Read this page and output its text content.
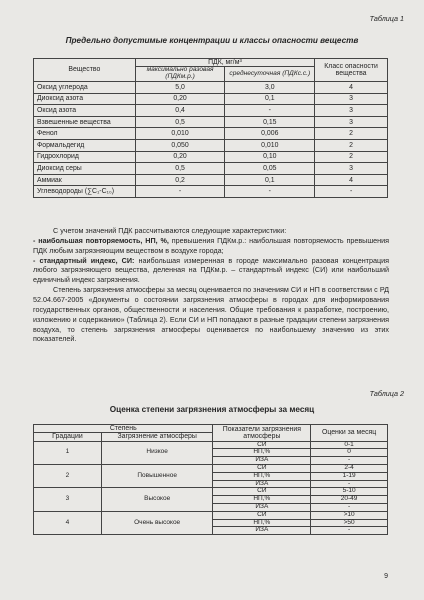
Таблица 1
Предельно допустимые концентрации и классы опасности веществ
Вещество	ПДК, мг/м³		Класс опасности вещества
	максимально разовая (ПДКм.р.)	среднесуточная (ПДКс.с.)	
Оксид углерода	5,0	3,0	4
Диоксид азота	0,20	0,1	3
Оксид азота	0,4	-	3
Взвешенные вещества	0,5	0,15	3
Фенол	0,010	0,006	2
Формальдегид	0,050	0,010	2
Гидрохлорид	0,20	0,10	2
Диоксид серы	0,5	0,05	3
Аммиак	0,2	0,1	4
Углеводороды (∑C₁-C₁₀)	-	-	-

С учетом значений ПДК рассчитываются следующие характеристики:

- наибольшая повторяемость, НП, %, превышения ПДКм.р.: наибольшая повторяемость превышения ПДК любым загрязняющим веществом в воздухе города;

- стандартный индекс, СИ: наибольшая измеренная в городе максимально разовая концентрация любого загрязняющего вещества, деленная на ПДКм.р. – стандартный индекс (СИ) или наибольший единичный индекс загрязнения.

Степень загрязнения атмосферы за месяц оценивается по значениям СИ и НП в соответствии с РД 52.04.667-2005 «Документы о состоянии загрязнения атмосферы в городах для информирования государственных органов, общественности и населения. Общие требования к разработке, построению, изложению и содержанию» (Таблица 2). Если СИ и НП попадают в разные градации степени загрязнения воздуха, то степень загрязнения атмосферы оценивается по наибольшему значению из этих показателей.

Таблица 2
Оценка степени загрязнения атмосферы за месяц
Степень		Показатели загрязнения атмосферы	Оценки за месяц
Градации	Загрязнение атмосферы		
1	Низкое	СИ	0-1
		НП,%	0
		ИЗА	-
2	Повышенное	СИ	2-4
		НП,%	1-19
		ИЗА	-
3	Высокое	СИ	5-10
		НП,%	20-49
		ИЗА	-
4	Очень высокое	СИ	>10
		НП,%	>50
		ИЗА	-
9
